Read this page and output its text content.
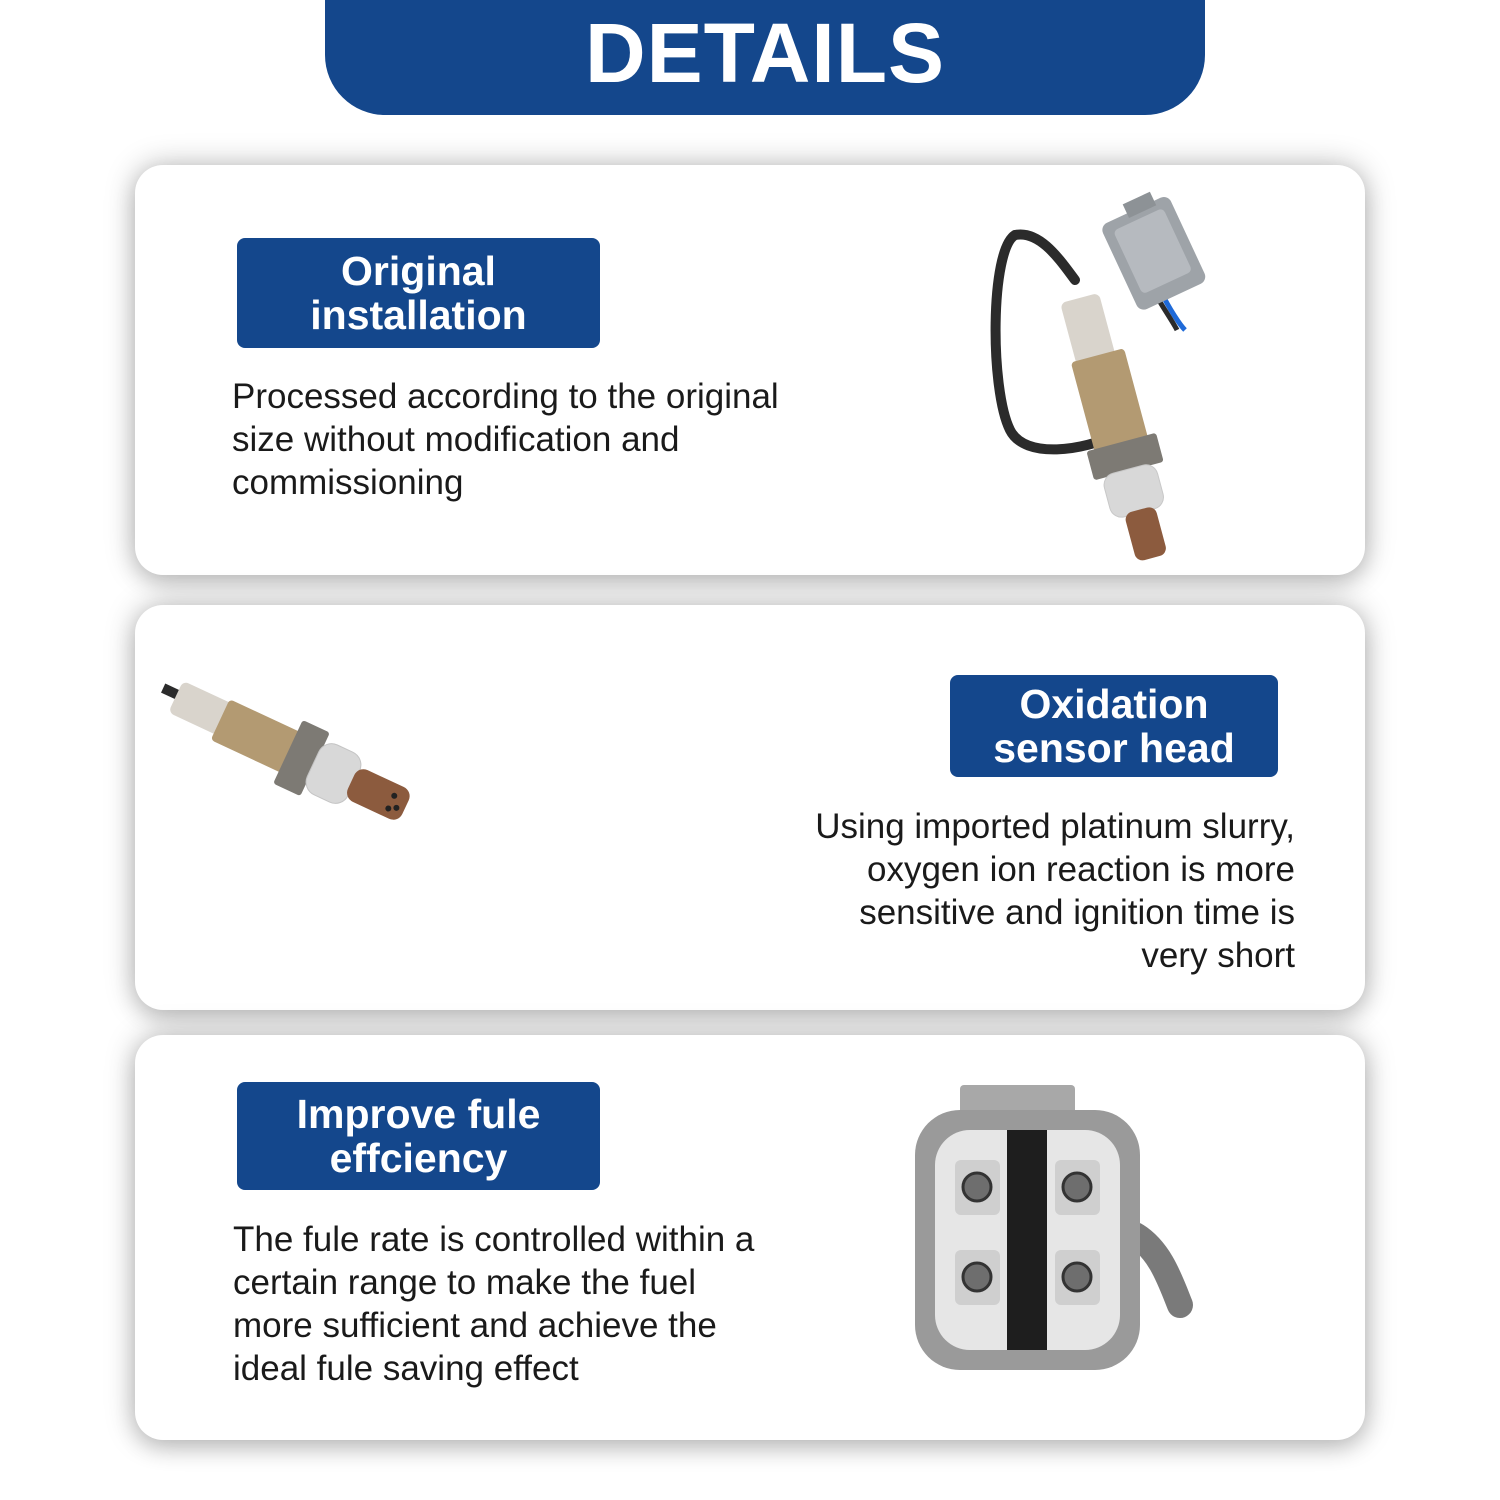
DETAILS
Original
installation
Processed according to the original
size without modification and
commissioning
Oxidation
sensor head
Using imported platinum slurry,
oxygen ion reaction is more
sensitive and ignition time is
very short
Improve fule
effciency
The fule rate is controlled within a
certain range to make the fuel
more sufficient and achieve the
ideal fule saving effect
